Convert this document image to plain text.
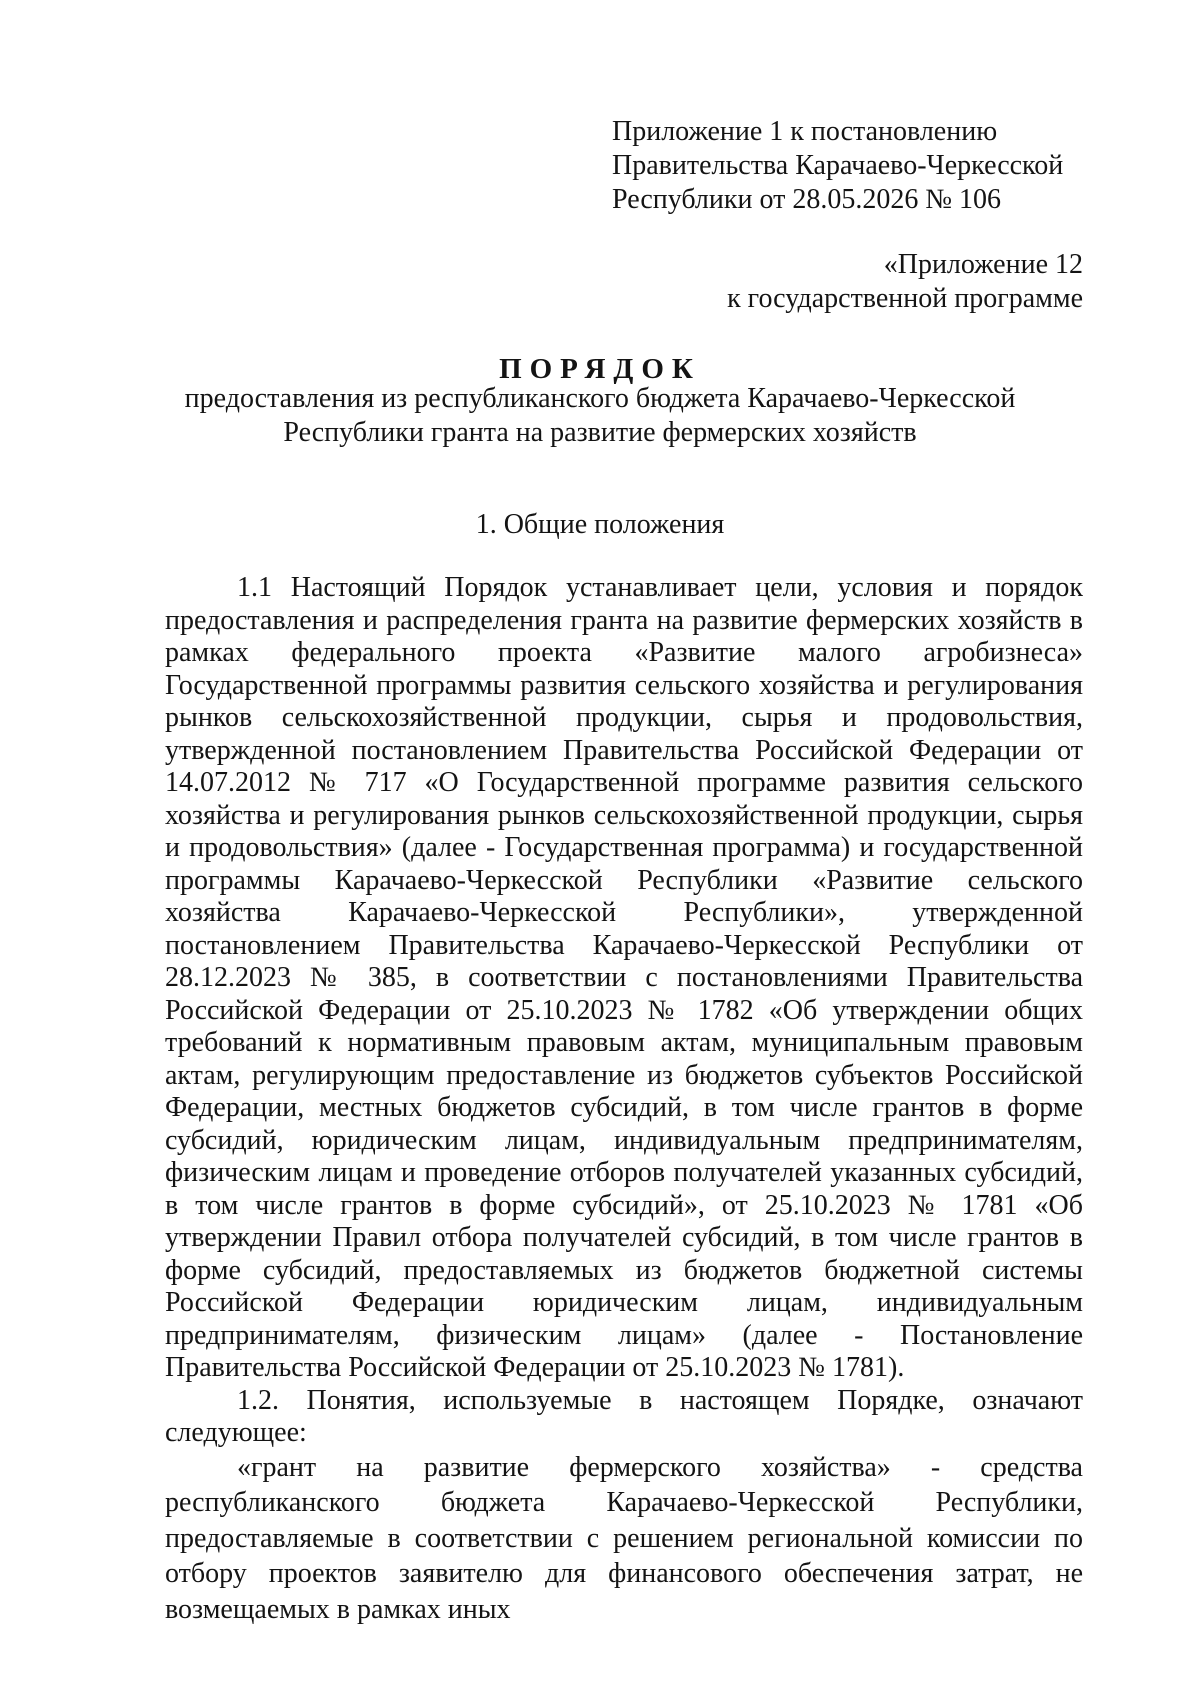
Приложение 1 к постановлению
Правительства Карачаево-Черкесской
Республики от 28.05.2026 № 106
«Приложение 12
к государственной программе
ПОРЯДОК
предоставления из республиканского бюджета Карачаево-Черкесской
Республики гранта на развитие фермерских хозяйств
1. Общие положения

1.1 Настоящий Порядок устанавливает цели, условия и порядок предоставления и распределения гранта на развитие фермерских хозяйств в рамках федерального проекта «Развитие малого агробизнеса» Государственной программы развития сельского хозяйства и регулирования рынков сельскохозяйственной продукции, сырья и продовольствия, утвержденной постановлением Правительства Российской Федерации от 14.07.2012 № 717 «О Государственной программе развития сельского хозяйства и регулирования рынков сельскохозяйственной продукции, сырья и продовольствия» (далее - Государственная программа) и государственной программы Карачаево-Черкесской Республики «Развитие сельского хозяйства Карачаево-Черкесской Республики», утвержденной постановлением Правительства Карачаево-Черкесской Республики от 28.12.2023 № 385, в соответствии с постановлениями Правительства Российской Федерации от 25.10.2023 № 1782 «Об утверждении общих требований к нормативным правовым актам, муниципальным правовым актам, регулирующим предоставление из бюджетов субъектов Российской Федерации, местных бюджетов субсидий, в том числе грантов в форме субсидий, юридическим лицам, индивидуальным предпринимателям, физическим лицам и проведение отборов получателей указанных субсидий, в том числе грантов в форме субсидий», от 25.10.2023 № 1781 «Об утверждении Правил отбора получателей субсидий, в том числе грантов в форме субсидий, предоставляемых из бюджетов бюджетной системы Российской Федерации юридическим лицам, индивидуальным предпринимателям, физическим лицам» (далее - Постановление Правительства Российской Федерации от 25.10.2023 № 1781).

1.2. Понятия, используемые в настоящем Порядке, означают следующее:

«грант на развитие фермерского хозяйства» - средства республиканского бюджета Карачаево-Черкесской Республики, предоставляемые в соответствии с решением региональной комиссии по отбору проектов заявителю для финансового обеспечения затрат, не возмещаемых в рамках иных
